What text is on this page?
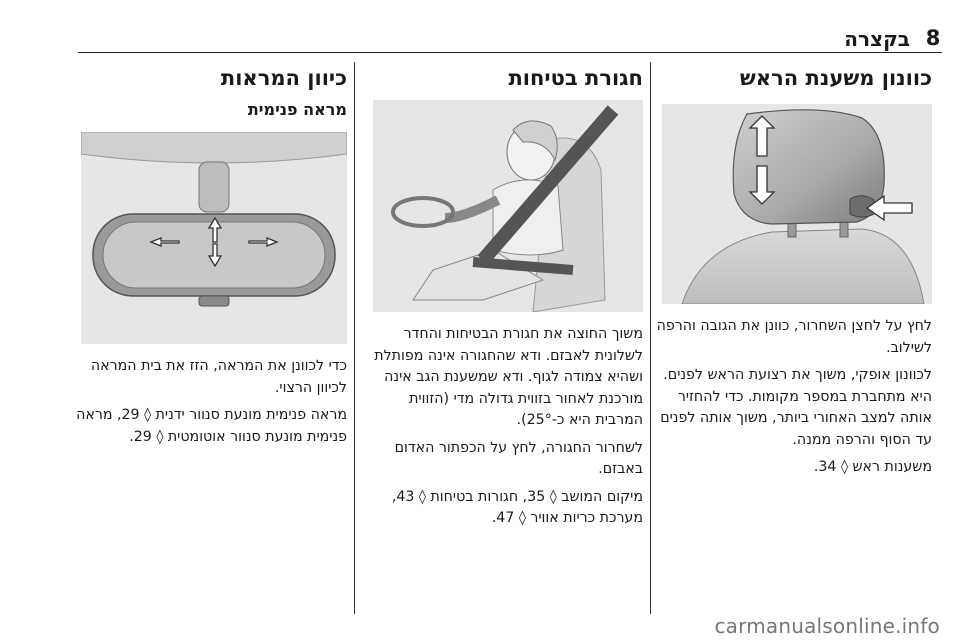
8
בקצרה
כוונון משענת הראש

לחץ על לחצן השחרור, כוונן את הגובה והרפה לשילוב.

לכוונון אופקי, משוך את רצועת הראש לפנים. היא מתחברת במספר מקומות. כדי להחזיר אותה למצב האחורי ביותר, משוך אותה לפנים עד הסוף והרפה ממנה.

משענות ראש ◊ 34.

חגורת בטיחות

משוך החוצה את חגורת הבטיחות והחדר לשלונית לאבזם. ודא שהחגורה אינה מפותלת ושהיא צמודה לגוף. ודא שמשענת הגב אינה מורכנת לאחור בזווית גדולה מדי (הזווית המרבית היא כ-25°).

לשחרור החגורה, לחץ על הכפתור האדום באבזם.

מיקום המושב ◊ 35, חגורות בטיחות ◊ 43, מערכת כריות אוויר ◊ 47.

כיוון המראות
מראה פנימית

כדי לכוונן את המראה, הזז את בית המראה לכיוון הרצוי.

מראה פנימית מונעת סנוור ידנית ◊ 29, מראה פנימית מונעת סנוור אוטומטית ◊ 29.

carmanualsonline.info
